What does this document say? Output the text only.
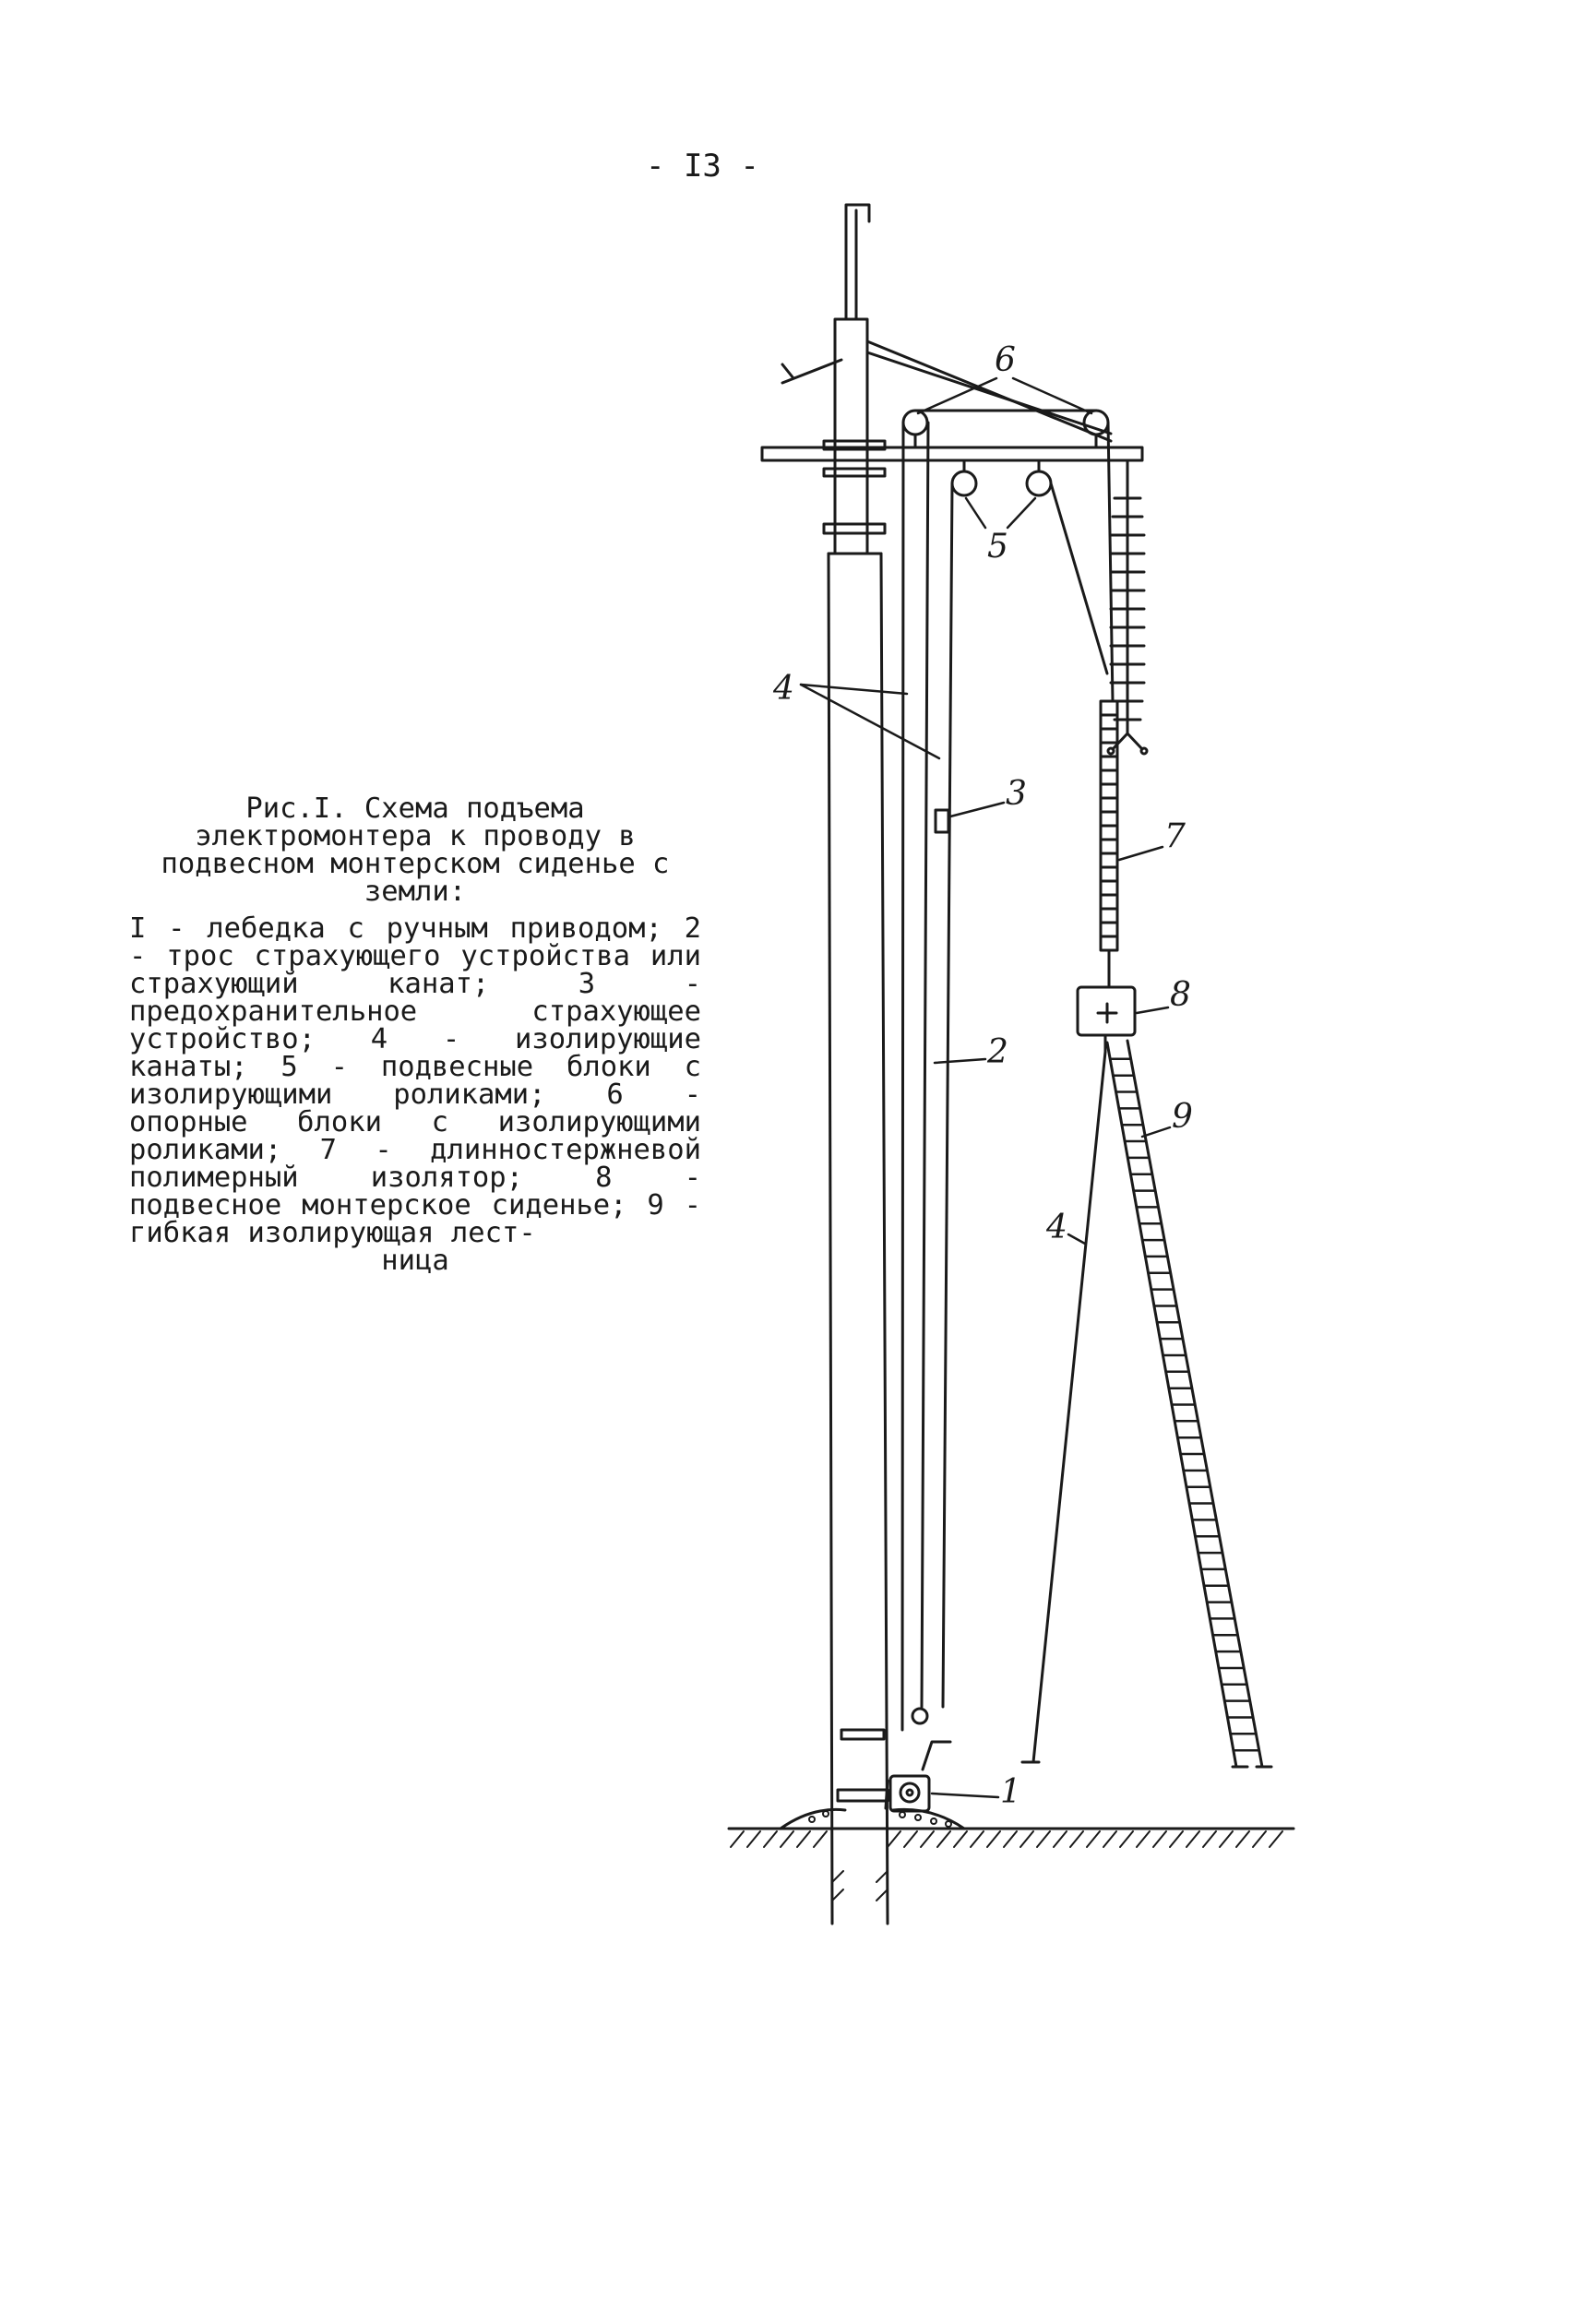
- I3 -
Рис.I. Схема подъема электромонтера к проводу в подвесном монтерском сиденье с земли:
I - лебедка с ручным приводом; 2 - трос страхующего устройства или страхующий канат; 3 - предохранительное страхующее устройство; 4 - изолирующие канаты; 5 - подвесные блоки с изолирующими роликами; 6 - опорные блоки с изолирующими роликами; 7 - длинностержневой полимерный изолятор; 8 - подвесное монтерское сиденье; 9 - гибкая изолирующая лест-
ница
6
5
4
3
7
8
2
9
4
1
